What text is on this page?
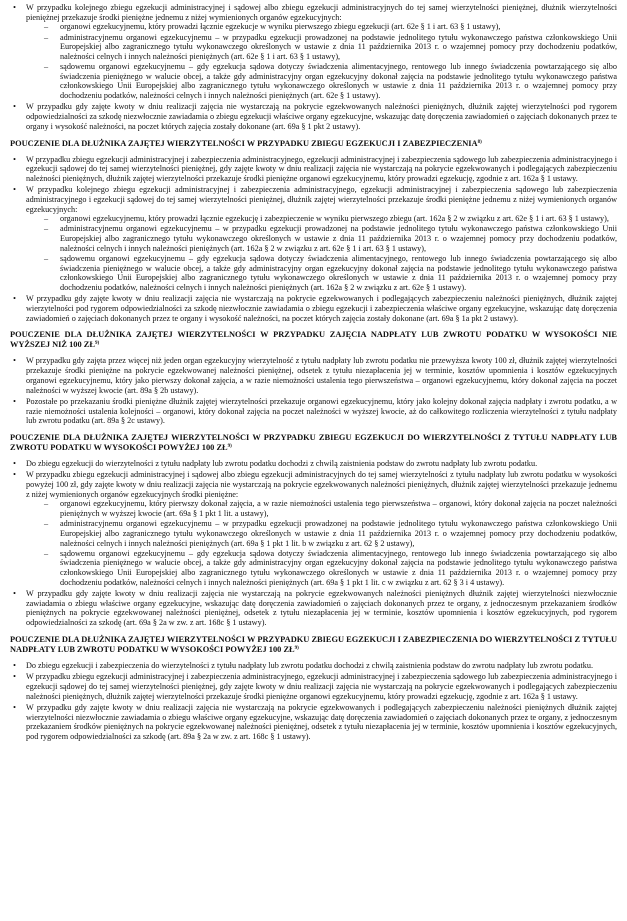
• W przypadku kolejnego zbiegu egzekucji administracyjnej i sądowej albo zbiegu egzekucji administracyjnych do tej samej wierzytelności pieniężnej, dłużnik wierzytelności pieniężnej przekazuje środki pieniężne jednemu z niżej wymienionych organów egzekucyjnych:
– organowi egzekucyjnemu, który prowadzi łącznie egzekucje w wyniku pierwszego zbiegu egzekucji (art. 62e § 1 i art. 63 § 1 ustawy),
– administracyjnemu organowi egzekucyjnemu – w przypadku egzekucji prowadzonej na podstawie jednolitego tytułu wykonawczego państwa członkowskiego Unii Europejskiej albo zagranicznego tytułu wykonawczego określonych w ustawie z dnia 11 października 2013 r. o wzajemnej pomocy przy dochodzeniu podatków, należności celnych i innych należności pieniężnych (art. 62e § 1 i art. 63 § 1 ustawy),
– sądowemu organowi egzekucyjnemu – gdy egzekucja sądowa dotyczy świadczenia alimentacyjnego, rentowego lub innego świadczenia powtarzającego się albo świadczenia pieniężnego w walucie obcej, a także gdy administracyjny organ egzekucyjny dokonał zajęcia na podstawie jednolitego tytułu wykonawczego państwa członkowskiego Unii Europejskiej albo zagranicznego tytułu wykonawczego określonych w ustawie z dnia 11 października 2013 r. o wzajemnej pomocy przy dochodzeniu podatków, należności celnych i innych należności pieniężnych (art. 62e § 1 ustawy).
• W przypadku gdy zajęte kwoty w dniu realizacji zajęcia nie wystarczają na pokrycie egzekwowanych należności pieniężnych, dłużnik zajętej wierzytelności pod rygorem odpowiedzialności za szkodę niezwłocznie zawiadamia o zbiegu egzekucji właściwe organy egzekucyjne, wskazując datę doręczenia zawiadomień o zajęciach dokonanych przez te organy i wysokość należności, na poczet których zajęcia zostały dokonane (art. 69a § 1 pkt 2 ustawy).
POUCZENIE DLA DŁUŻNIKA ZAJĘTEJ WIERZYTELNOŚCI W PRZYPADKU ZBIEGU EGZEKUCJI I ZABEZPIECZENIA$^{8)}$
• W przypadku zbiegu egzekucji administracyjnej i zabezpieczenia administracyjnego, egzekucji administracyjnej i zabezpieczenia sądowego lub zabezpieczenia administracyjnego i egzekucji sądowej do tej samej wierzytelności pieniężnej, gdy zajęte kwoty w dniu realizacji zajęcia nie wystarczają na pokrycie egzekwowanych i podlegających zabezpieczeniu należności pieniężnych, dłużnik zajętej wierzytelności przekazuje środki pieniężne organowi egzekucyjnemu, który prowadzi egzekucję, zgodnie z art. 162a § 1 ustawy.
• W przypadku kolejnego zbiegu egzekucji administracyjnej i zabezpieczenia administracyjnego, egzekucji administracyjnej i zabezpieczenia sądowego lub zabezpieczenia administracyjnego i egzekucji sądowej do tej samej wierzytelności pieniężnej, dłużnik zajętej wierzytelności przekazuje środki pieniężne jednemu z niżej wymienionych organów egzekucyjnych:
– organowi egzekucyjnemu, który prowadzi łącznie egzekucję i zabezpieczenie w wyniku pierwszego zbiegu (art. 162a § 2 w związku z art. 62e § 1 i art. 63 § 1 ustawy),
– administracyjnemu organowi egzekucyjnemu – w przypadku egzekucji prowadzonej na podstawie jednolitego tytułu wykonawczego państwa członkowskiego Unii Europejskiej albo zagranicznego tytułu wykonawczego określonych w ustawie z dnia 11 października 2013 r. o wzajemnej pomocy przy dochodzeniu podatków, należności celnych i innych należności pieniężnych (art. 162a § 2 w związku z art. 62e § 1 i art. 63 § 1 ustawy),
– sądowemu organowi egzekucyjnemu – gdy egzekucja sądowa dotyczy świadczenia alimentacyjnego, rentowego lub innego świadczenia powtarzającego się albo świadczenia pieniężnego w walucie obcej, a także gdy administracyjny organ egzekucyjny dokonał zajęcia na podstawie jednolitego tytułu wykonawczego państwa członkowskiego Unii Europejskiej albo zagranicznego tytułu wykonawczego określonych w ustawie z dnia 11 października 2013 r. o wzajemnej pomocy przy dochodzeniu podatków, należności celnych i innych należności pieniężnych (art. 162a § 2 w związku z art. 62e § 1 ustawy).
• W przypadku gdy zajęte kwoty w dniu realizacji zajęcia nie wystarczają na pokrycie egzekwowanych i podlegających zabezpieczeniu należności pieniężnych, dłużnik zajętej wierzytelności pod rygorem odpowiedzialności za szkodę niezwłocznie zawiadamia o zbiegu egzekucji i zabezpieczenia właściwe organy egzekucyjne, wskazując datę doręczenia zawiadomień o zajęciach dokonanych przez te organy i wysokość należności, na poczet których zajęcia zostały dokonane (art. 69a § 1a pkt 2 ustawy).
POUCZENIE DLA DŁUŻNIKA ZAJĘTEJ WIERZYTELNOŚCI W PRZYPADKU ZAJĘCIA NADPŁATY LUB ZWROTU PODATKU W WYSOKOŚCI NIE WYŻSZEJ NIŻ 100 ZŁ$^{9)}$
• W przypadku gdy zajęta przez więcej niż jeden organ egzekucyjny wierzytelność z tytułu nadpłaty lub zwrotu podatku nie przewyższa kwoty 100 zł, dłużnik zajętej wierzytelności przekazuje środki pieniężne na pokrycie egzekwowanej należności pieniężnej, odsetek z tytułu niezapłacenia jej w terminie, kosztów upomnienia i kosztów egzekucyjnych organowi egzekucyjnemu, który jako pierwszy dokonał zajęcia, a w razie niemożności ustalenia tego pierwszeństwa – organowi egzekucyjnemu, który dokonał zajęcia na poczet należności w wyższej kwocie (art. 89a § 2b ustawy).
• Pozostałe po przekazaniu środki pieniężne dłużnik zajętej wierzytelności przekazuje organowi egzekucyjnemu, który jako kolejny dokonał zajęcia nadpłaty i zwrotu podatku, a w razie niemożności ustalenia kolejności – organowi, który dokonał zajęcia na poczet należności w wyższej kwocie, aż do całkowitego rozliczenia wierzytelności z tytułu nadpłaty lub zwrotu podatku (art. 89a § 2c ustawy).
POUCZENIE DLA DŁUŻNIKA ZAJĘTEJ WIERZYTELNOŚCI W PRZYPADKU ZBIEGU EGZEKUCJI DO WIERZYTELNOŚCI Z TYTUŁU NADPŁATY LUB ZWROTU PODATKU W WYSOKOŚCI POWYŻEJ 100 ZŁ$^{9)}$
• Do zbiegu egzekucji do wierzytelności z tytułu nadpłaty lub zwrotu podatku dochodzi z chwilą zaistnienia podstaw do zwrotu nadpłaty lub zwrotu podatku.
• W przypadku zbiegu egzekucji administracyjnej i sądowej albo zbiegu egzekucji administracyjnych do tej samej wierzytelności z tytułu nadpłaty lub zwrotu podatku w wysokości powyżej 100 zł, gdy zajęte kwoty w dniu realizacji zajęcia nie wystarczają na pokrycie egzekwowanych należności pieniężnych, dłużnik zajętej wierzytelności przekazuje jednemu z niżej wymienionych organów egzekucyjnych środki pieniężne:
– organowi egzekucyjnemu, który pierwszy dokonał zajęcia, a w razie niemożności ustalenia tego pierwszeństwa – organowi, który dokonał zajęcia na poczet należności pieniężnych w wyższej kwocie (art. 69a § 1 pkt 1 lit. a ustawy),
– administracyjnemu organowi egzekucyjnemu – w przypadku egzekucji prowadzonej na podstawie jednolitego tytułu wykonawczego państwa członkowskiego Unii Europejskiej albo zagranicznego tytułu wykonawczego określonych w ustawie z dnia 11 października 2013 r. o wzajemnej pomocy przy dochodzeniu podatków, należności celnych i innych należności pieniężnych (art. 69a § 1 pkt 1 lit. b w związku z art. 62 § 2 ustawy),
– sądowemu organowi egzekucyjnemu – gdy egzekucja sądowa dotyczy świadczenia alimentacyjnego, rentowego lub innego świadczenia powtarzającego się albo świadczenia pieniężnego w walucie obcej, a także gdy administracyjny organ egzekucyjny dokonał zajęcia na podstawie jednolitego tytułu wykonawczego państwa członkowskiego Unii Europejskiej albo zagranicznego tytułu wykonawczego określonych w ustawie z dnia 11 października 2013 r. o wzajemnej pomocy przy dochodzeniu podatków, należności celnych i innych należności pieniężnych (art. 69a § 1 pkt 1 lit. c w związku z art. 62 § 3 i 4 ustawy).
• W przypadku gdy zajęte kwoty w dniu realizacji zajęcia nie wystarczają na pokrycie egzekwowanych należności pieniężnych dłużnik zajętej wierzytelności niezwłocznie zawiadamia o zbiegu właściwe organy egzekucyjne, wskazując datę doręczenia zawiadomień o zajęciach dokonanych przez te organy, z jednoczesnym przekazaniem środków pieniężnych na pokrycie egzekwowanej należności pieniężnej, odsetek z tytułu niezapłacenia jej w terminie, kosztów upomnienia i kosztów egzekucyjnych, pod rygorem odpowiedzialności za szkodę (art. 69a § 2a w zw. z art. 168c § 1 ustawy).
POUCZENIE DLA DŁUŻNIKA ZAJĘTEJ WIERZYTELNOŚCI W PRZYPADKU ZBIEGU EGZEKUCJI I ZABEZPIECZENIA DO WIERZYTELNOŚCI Z TYTUŁU NADPŁATY LUB ZWROTU PODATKU W WYSOKOŚCI POWYŻEJ 100 ZŁ$^{9)}$
• Do zbiegu egzekucji i zabezpieczenia do wierzytelności z tytułu nadpłaty lub zwrotu podatku dochodzi z chwilą zaistnienia podstaw do zwrotu nadpłaty lub zwrotu podatku.
• W przypadku zbiegu egzekucji administracyjnej i zabezpieczenia administracyjnego, egzekucji administracyjnej i zabezpieczenia sądowego lub zabezpieczenia administracyjnego i egzekucji sądowej do tej samej wierzytelności pieniężnej, gdy zajęte kwoty w dniu realizacji zajęcia nie wystarczają na pokrycie egzekwowanych i podlegających zabezpieczeniu należności pieniężnych, dłużnik zajętej wierzytelności przekazuje środki pieniężne organowi egzekucyjnemu, który prowadzi egzekucję, zgodnie z art. 162a § 1 ustawy.
• W przypadku gdy zajęte kwoty w dniu realizacji zajęcia nie wystarczają na pokrycie egzekwowanych i podlegających zabezpieczeniu należności pieniężnych dłużnik zajętej wierzytelności niezwłocznie zawiadamia o zbiegu właściwe organy egzekucyjne, wskazując datę doręczenia zawiadomień o zajęciach dokonanych przez te organy, z jednoczesnym przekazaniem środków pieniężnych na pokrycie egzekwowanej należności pieniężnej, odsetek z tytułu niezapłacenia jej w terminie, kosztów upomnienia i kosztów egzekucyjnych, pod rygorem odpowiedzialności za szkodę (art. 89a § 2a w zw. z art. 168c § 1 ustawy).
